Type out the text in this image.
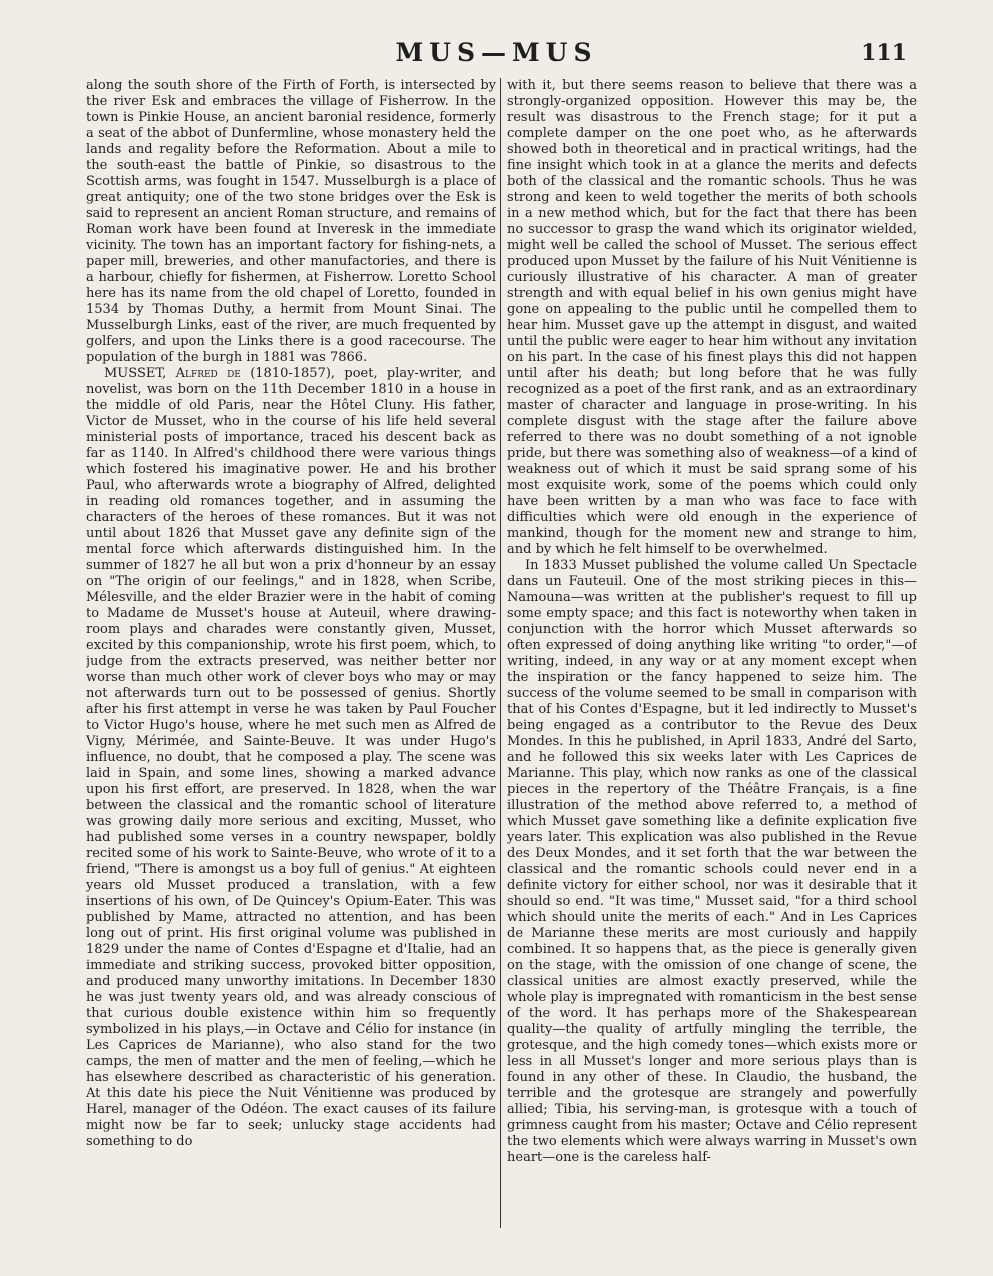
MUS—MUS	111

along the south shore of the Firth of Forth, is intersected by the river Esk and embraces the village of Fisherrow. In the town is Pinkie House, an ancient baronial residence, formerly a seat of the abbot of Dunfermline, whose monastery held the lands and regality before the Reformation. About a mile to the south-east the battle of Pinkie, so disastrous to the Scottish arms, was fought in 1547. Musselburgh is a place of great antiquity; one of the two stone bridges over the Esk is said to represent an ancient Roman structure, and remains of Roman work have been found at Inveresk in the immediate vicinity. The town has an important factory for fishing-nets, a paper mill, breweries, and other manufactories, and there is a harbour, chiefly for fishermen, at Fisherrow. Loretto School here has its name from the old chapel of Loretto, founded in 1534 by Thomas Duthy, a hermit from Mount Sinai. The Musselburgh Links, east of the river, are much frequented by golfers, and upon the Links there is a good racecourse. The population of the burgh in 1881 was 7866.

MUSSET, Alfred de (1810-1857), poet, play-writer, and novelist, was born on the 11th December 1810 in a house in the middle of old Paris, near the Hôtel Cluny. His father, Victor de Musset, who in the course of his life held several ministerial posts of importance, traced his descent back as far as 1140. In Alfred's childhood there were various things which fostered his imaginative power. He and his brother Paul, who afterwards wrote a biography of Alfred, delighted in reading old romances together, and in assuming the characters of the heroes of these romances. But it was not until about 1826 that Musset gave any definite sign of the mental force which afterwards distinguished him. In the summer of 1827 he all but won a prix d'honneur by an essay on "The origin of our feelings," and in 1828, when Scribe, Mélesville, and the elder Brazier were in the habit of coming to Madame de Musset's house at Auteuil, where drawing-room plays and charades were constantly given, Musset, excited by this companionship, wrote his first poem, which, to judge from the extracts preserved, was neither better nor worse than much other work of clever boys who may or may not afterwards turn out to be possessed of genius. Shortly after his first attempt in verse he was taken by Paul Foucher to Victor Hugo's house, where he met such men as Alfred de Vigny, Mérimée, and Sainte-Beuve. It was under Hugo's influence, no doubt, that he composed a play. The scene was laid in Spain, and some lines, showing a marked advance upon his first effort, are preserved. In 1828, when the war between the classical and the romantic school of literature was growing daily more serious and exciting, Musset, who had published some verses in a country newspaper, boldly recited some of his work to Sainte-Beuve, who wrote of it to a friend, "There is amongst us a boy full of genius." At eighteen years old Musset produced a translation, with a few insertions of his own, of De Quincey's Opium-Eater. This was published by Mame, attracted no attention, and has been long out of print. His first original volume was published in 1829 under the name of Contes d'Espagne et d'Italie, had an immediate and striking success, provoked bitter opposition, and produced many unworthy imitations. In December 1830 he was just twenty years old, and was already conscious of that curious double existence within him so frequently symbolized in his plays,—in Octave and Célio for instance (in Les Caprices de Marianne), who also stand for the two camps, the men of matter and the men of feeling,—which he has elsewhere described as characteristic of his generation. At this date his piece the Nuit Vénitienne was produced by Harel, manager of the Odéon. The exact causes of its failure might now be far to seek; unlucky stage accidents had something to do

with it, but there seems reason to believe that there was a strongly-organized opposition. However this may be, the result was disastrous to the French stage; for it put a complete damper on the one poet who, as he afterwards showed both in theoretical and in practical writings, had the fine insight which took in at a glance the merits and defects both of the classical and the romantic schools. Thus he was strong and keen to weld together the merits of both schools in a new method which, but for the fact that there has been no successor to grasp the wand which its originator wielded, might well be called the school of Musset. The serious effect produced upon Musset by the failure of his Nuit Vénitienne is curiously illustrative of his character. A man of greater strength and with equal belief in his own genius might have gone on appealing to the public until he compelled them to hear him. Musset gave up the attempt in disgust, and waited until the public were eager to hear him without any invitation on his part. In the case of his finest plays this did not happen until after his death; but long before that he was fully recognized as a poet of the first rank, and as an extraordinary master of character and language in prose-writing. In his complete disgust with the stage after the failure above referred to there was no doubt something of a not ignoble pride, but there was something also of weakness—of a kind of weakness out of which it must be said sprang some of his most exquisite work, some of the poems which could only have been written by a man who was face to face with difficulties which were old enough in the experience of mankind, though for the moment new and strange to him, and by which he felt himself to be overwhelmed.

In 1833 Musset published the volume called Un Spectacle dans un Fauteuil. One of the most striking pieces in this—Namouna—was written at the publisher's request to fill up some empty space; and this fact is noteworthy when taken in conjunction with the horror which Musset afterwards so often expressed of doing anything like writing "to order,"—of writing, indeed, in any way or at any moment except when the inspiration or the fancy happened to seize him. The success of the volume seemed to be small in comparison with that of his Contes d'Espagne, but it led indirectly to Musset's being engaged as a contributor to the Revue des Deux Mondes. In this he published, in April 1833, André del Sarto, and he followed this six weeks later with Les Caprices de Marianne. This play, which now ranks as one of the classical pieces in the repertory of the Théâtre Français, is a fine illustration of the method above referred to, a method of which Musset gave something like a definite explication five years later. This explication was also published in the Revue des Deux Mondes, and it set forth that the war between the classical and the romantic schools could never end in a definite victory for either school, nor was it desirable that it should so end. "It was time," Musset said, "for a third school which should unite the merits of each." And in Les Caprices de Marianne these merits are most curiously and happily combined. It so happens that, as the piece is generally given on the stage, with the omission of one change of scene, the classical unities are almost exactly preserved, while the whole play is impregnated with romanticism in the best sense of the word. It has perhaps more of the Shakespearean quality—the quality of artfully mingling the terrible, the grotesque, and the high comedy tones—which exists more or less in all Musset's longer and more serious plays than is found in any other of these. In Claudio, the husband, the terrible and the grotesque are strangely and powerfully allied; Tibia, his serving-man, is grotesque with a touch of grimness caught from his master; Octave and Célio represent the two elements which were always warring in Musset's own heart—one is the careless half-
